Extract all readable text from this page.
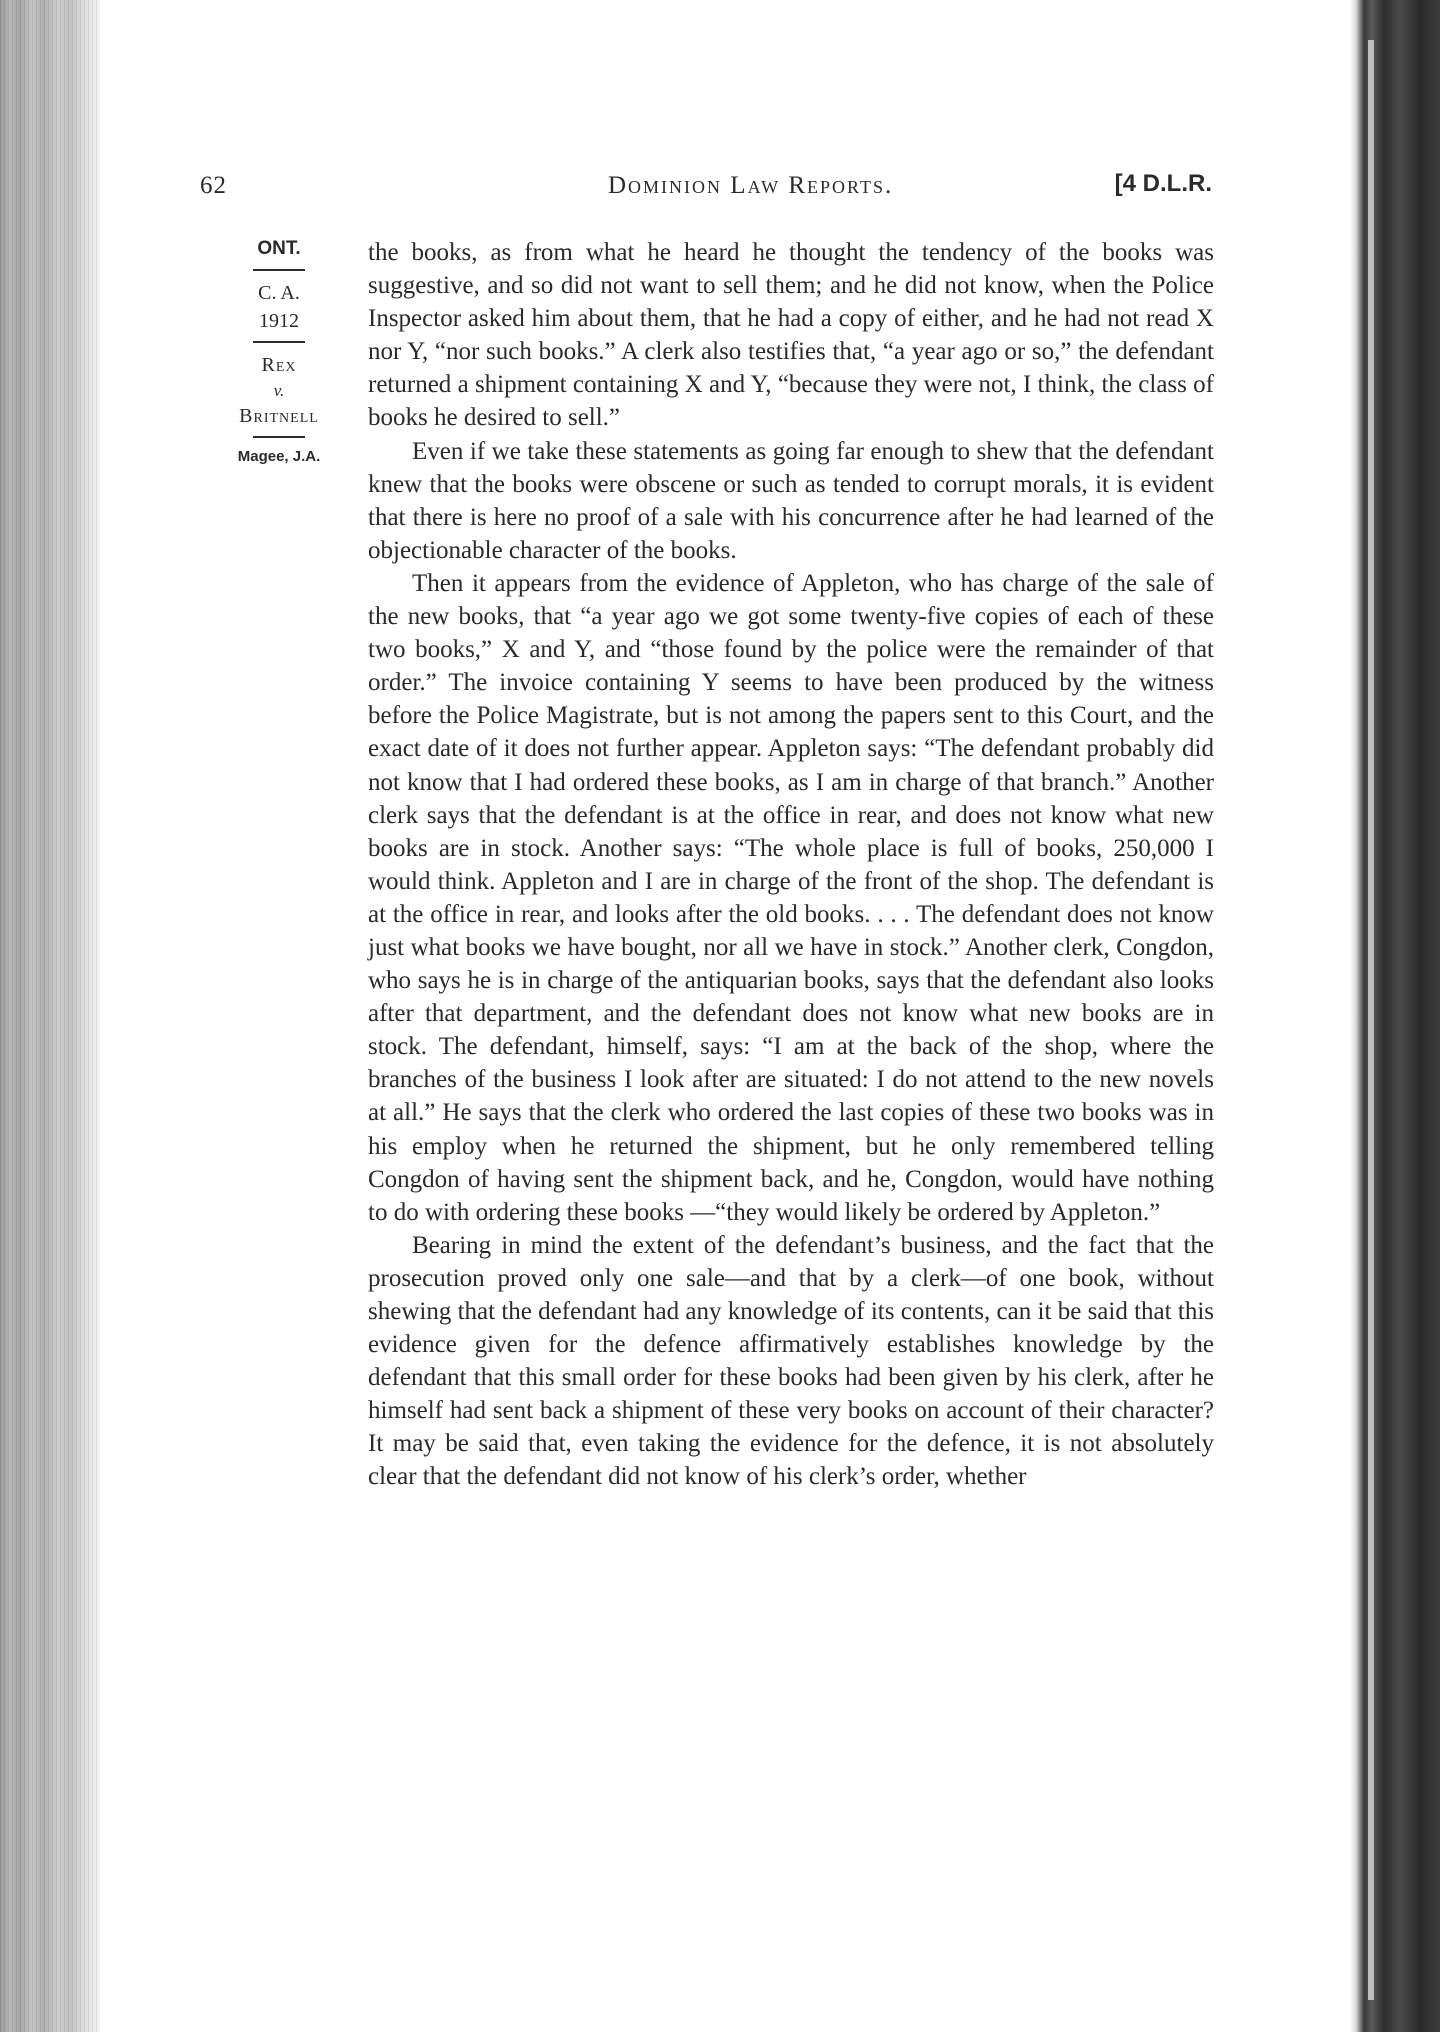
62	Dominion Law Reports.	[4 D.L.R.
ONT.
C. A.
1912
Rex
v.
Britnell
Magee, J.A.

the books, as from what he heard he thought the tendency of the books was suggestive, and so did not want to sell them; and he did not know, when the Police Inspector asked him about them, that he had a copy of either, and he had not read X nor Y, “nor such books.” A clerk also testifies that, “a year ago or so,” the defendant returned a shipment containing X and Y, “because they were not, I think, the class of books he desired to sell.”

Even if we take these statements as going far enough to shew that the defendant knew that the books were obscene or such as tended to corrupt morals, it is evident that there is here no proof of a sale with his concurrence after he had learned of the objectionable character of the books.

Then it appears from the evidence of Appleton, who has charge of the sale of the new books, that “a year ago we got some twenty-five copies of each of these two books,” X and Y, and “those found by the police were the remainder of that order.” The invoice containing Y seems to have been produced by the witness before the Police Magistrate, but is not among the papers sent to this Court, and the exact date of it does not further appear. Appleton says: “The defendant probably did not know that I had ordered these books, as I am in charge of that branch.” Another clerk says that the defendant is at the office in rear, and does not know what new books are in stock. Another says: “The whole place is full of books, 250,000 I would think. Appleton and I are in charge of the front of the shop. The defendant is at the office in rear, and looks after the old books. . . . The defendant does not know just what books we have bought, nor all we have in stock.” Another clerk, Congdon, who says he is in charge of the antiquarian books, says that the defendant also looks after that department, and the defendant does not know what new books are in stock. The defendant, himself, says: “I am at the back of the shop, where the branches of the business I look after are situated: I do not attend to the new novels at all.” He says that the clerk who ordered the last copies of these two books was in his employ when he returned the shipment, but he only remembered telling Congdon of having sent the shipment back, and he, Congdon, would have nothing to do with ordering these books —“they would likely be ordered by Appleton.”

Bearing in mind the extent of the defendant’s business, and the fact that the prosecution proved only one sale—and that by a clerk—of one book, without shewing that the defendant had any knowledge of its contents, can it be said that this evidence given for the defence affirmatively establishes knowledge by the defendant that this small order for these books had been given by his clerk, after he himself had sent back a shipment of these very books on account of their character? It may be said that, even taking the evidence for the defence, it is not absolutely clear that the defendant did not know of his clerk’s order, whether
